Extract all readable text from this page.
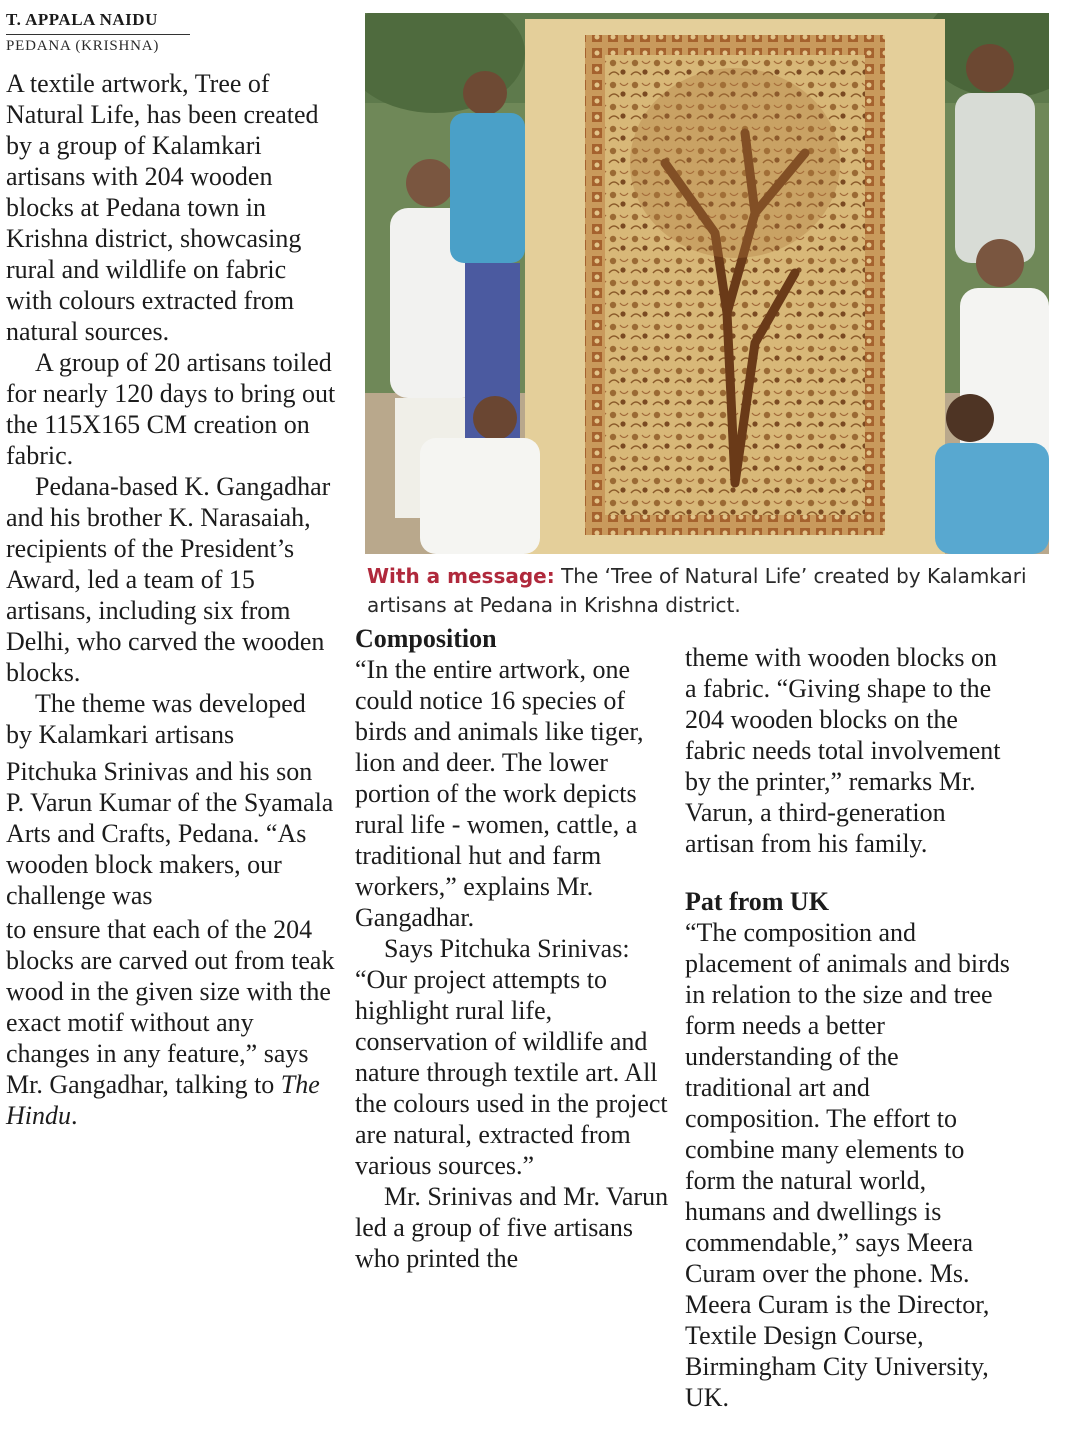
T. APPALA NAIDU
PEDANA (KRISHNA)

A textile artwork, Tree of Natural Life, has been created by a group of Kalamkari artisans with 204 wooden blocks at Pedana town in Krishna district, showcasing rural and wildlife on fabric with colours extracted from natural sources.

A group of 20 artisans toiled for nearly 120 days to bring out the 115X165 CM creation on fabric.

Pedana-based K. Gangadhar and his brother K. Narasaiah, recipients of the President’s Award, led a team of 15 artisans, including six from Delhi, who carved the wooden blocks.

The theme was developed by Kalamkari artisans

Pitchuka Srinivas and his son P. Varun Kumar of the Syamala Arts and Crafts, Pedana. “As wooden block makers, our challenge was

to ensure that each of the 204 blocks are carved out from teak wood in the given size with the exact motif without any changes in any feature,” says Mr. Gangadhar, talking to The Hindu.

With a message: The ‘Tree of Natural Life’ created by Kalamkari artisans at Pedana in Krishna district.
Composition

“In the entire artwork, one could notice 16 species of birds and animals like tiger, lion and deer. The lower portion of the work depicts rural life - women, cattle, a traditional hut and farm workers,” explains Mr. Gangadhar.

Says Pitchuka Srinivas: “Our project attempts to highlight rural life, conservation of wildlife and nature through textile art. All the colours used in the project are natural, extracted from various sources.”

Mr. Srinivas and Mr. Varun led a group of five artisans who printed the

theme with wooden blocks on a fabric. “Giving shape to the 204 wooden blocks on the fabric needs total involvement by the printer,” remarks Mr. Varun, a third-generation artisan from his family.

Pat from UK

“The composition and placement of animals and birds in relation to the size and tree form needs a better understanding of the traditional art and composition. The effort to combine many elements to form the natural world, humans and dwellings is commendable,” says Meera Curam over the phone. Ms. Meera Curam is the Director, Textile Design Course, Birmingham City University, UK.
